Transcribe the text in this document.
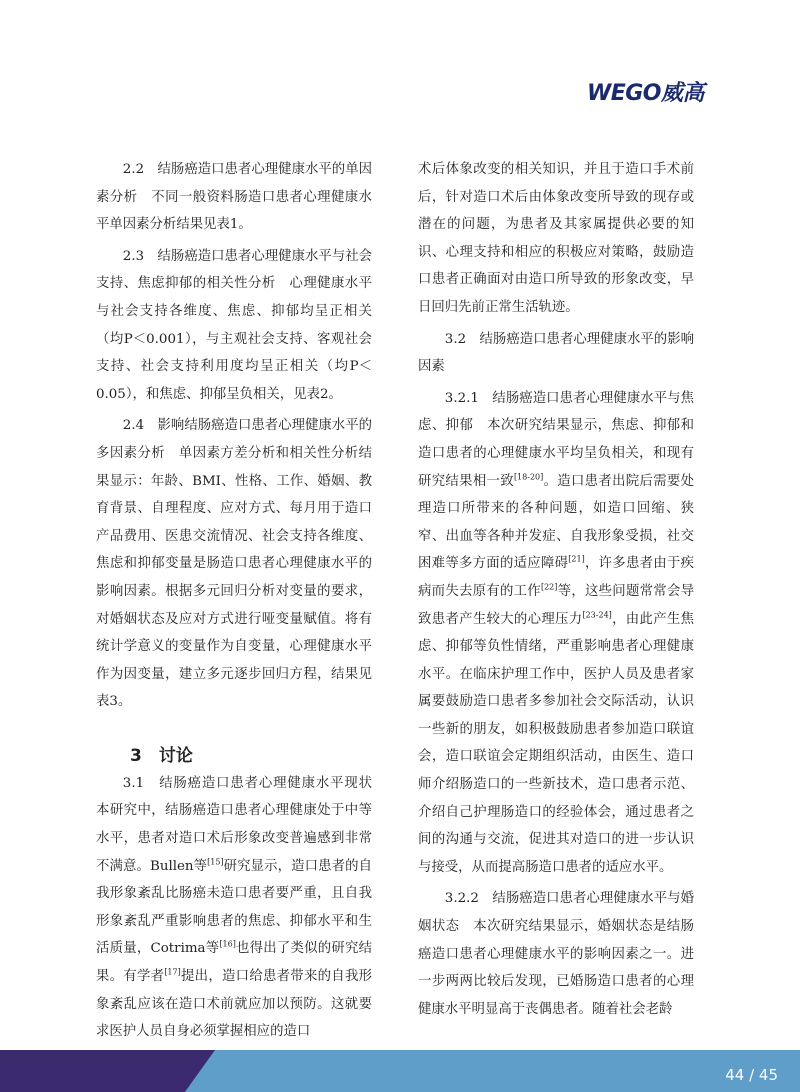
WEGO威高

2.2　结肠癌造口患者心理健康水平的单因素分析　不同一般资料肠造口患者心理健康水平单因素分析结果见表1。

2.3　结肠癌造口患者心理健康水平与社会支持、焦虑抑郁的相关性分析　心理健康水平与社会支持各维度、焦虑、抑郁均呈正相关（均P＜0.001），与主观社会支持、客观社会支持、社会支持利用度均呈正相关（均P＜0.05），和焦虑、抑郁呈负相关，见表2。

2.4　影响结肠癌造口患者心理健康水平的多因素分析　单因素方差分析和相关性分析结果显示：年龄、BMI、性格、工作、婚姻、教育背景、自理程度、应对方式、每月用于造口产品费用、医患交流情况、社会支持各维度、焦虑和抑郁变量是肠造口患者心理健康水平的影响因素。根据多元回归分析对变量的要求，对婚姻状态及应对方式进行哑变量赋值。将有统计学意义的变量作为自变量，心理健康水平作为因变量，建立多元逐步回归方程，结果见表3。

3　讨论

3.1　结肠癌造口患者心理健康水平现状　本研究中，结肠癌造口患者心理健康处于中等水平，患者对造口术后形象改变普遍感到非常不满意。Bullen等[15]研究显示，造口患者的自我形象紊乱比肠癌未造口患者要严重，且自我形象紊乱严重影响患者的焦虑、抑郁水平和生活质量，Cotrima等[16]也得出了类似的研究结果。有学者[17]提出，造口给患者带来的自我形象紊乱应该在造口术前就应加以预防。这就要求医护人员自身必须掌握相应的造口

术后体象改变的相关知识，并且于造口手术前后，针对造口术后由体象改变所导致的现存或潜在的问题，为患者及其家属提供必要的知识、心理支持和相应的积极应对策略，鼓励造口患者正确面对由造口所导致的形象改变，早日回归先前正常生活轨迹。

3.2　结肠癌造口患者心理健康水平的影响因素

3.2.1　结肠癌造口患者心理健康水平与焦虑、抑郁　本次研究结果显示，焦虑、抑郁和造口患者的心理健康水平均呈负相关，和现有研究结果相一致[18-20]。造口患者出院后需要处理造口所带来的各种问题，如造口回缩、狭窄、出血等各种并发症、自我形象受损，社交困难等多方面的适应障碍[21]，许多患者由于疾病而失去原有的工作[22]等，这些问题常常会导致患者产生较大的心理压力[23-24]，由此产生焦虑、抑郁等负性情绪，严重影响患者心理健康水平。在临床护理工作中，医护人员及患者家属要鼓励造口患者多参加社会交际活动，认识一些新的朋友，如积极鼓励患者参加造口联谊会，造口联谊会定期组织活动，由医生、造口师介绍肠造口的一些新技术，造口患者示范、介绍自己护理肠造口的经验体会，通过患者之间的沟通与交流，促进其对造口的进一步认识与接受，从而提高肠造口患者的适应水平。

3.2.2　结肠癌造口患者心理健康水平与婚姻状态　本次研究结果显示，婚姻状态是结肠癌造口患者心理健康水平的影响因素之一。进一步两两比较后发现，已婚肠造口患者的心理健康水平明显高于丧偶患者。随着社会老龄

44 / 45
